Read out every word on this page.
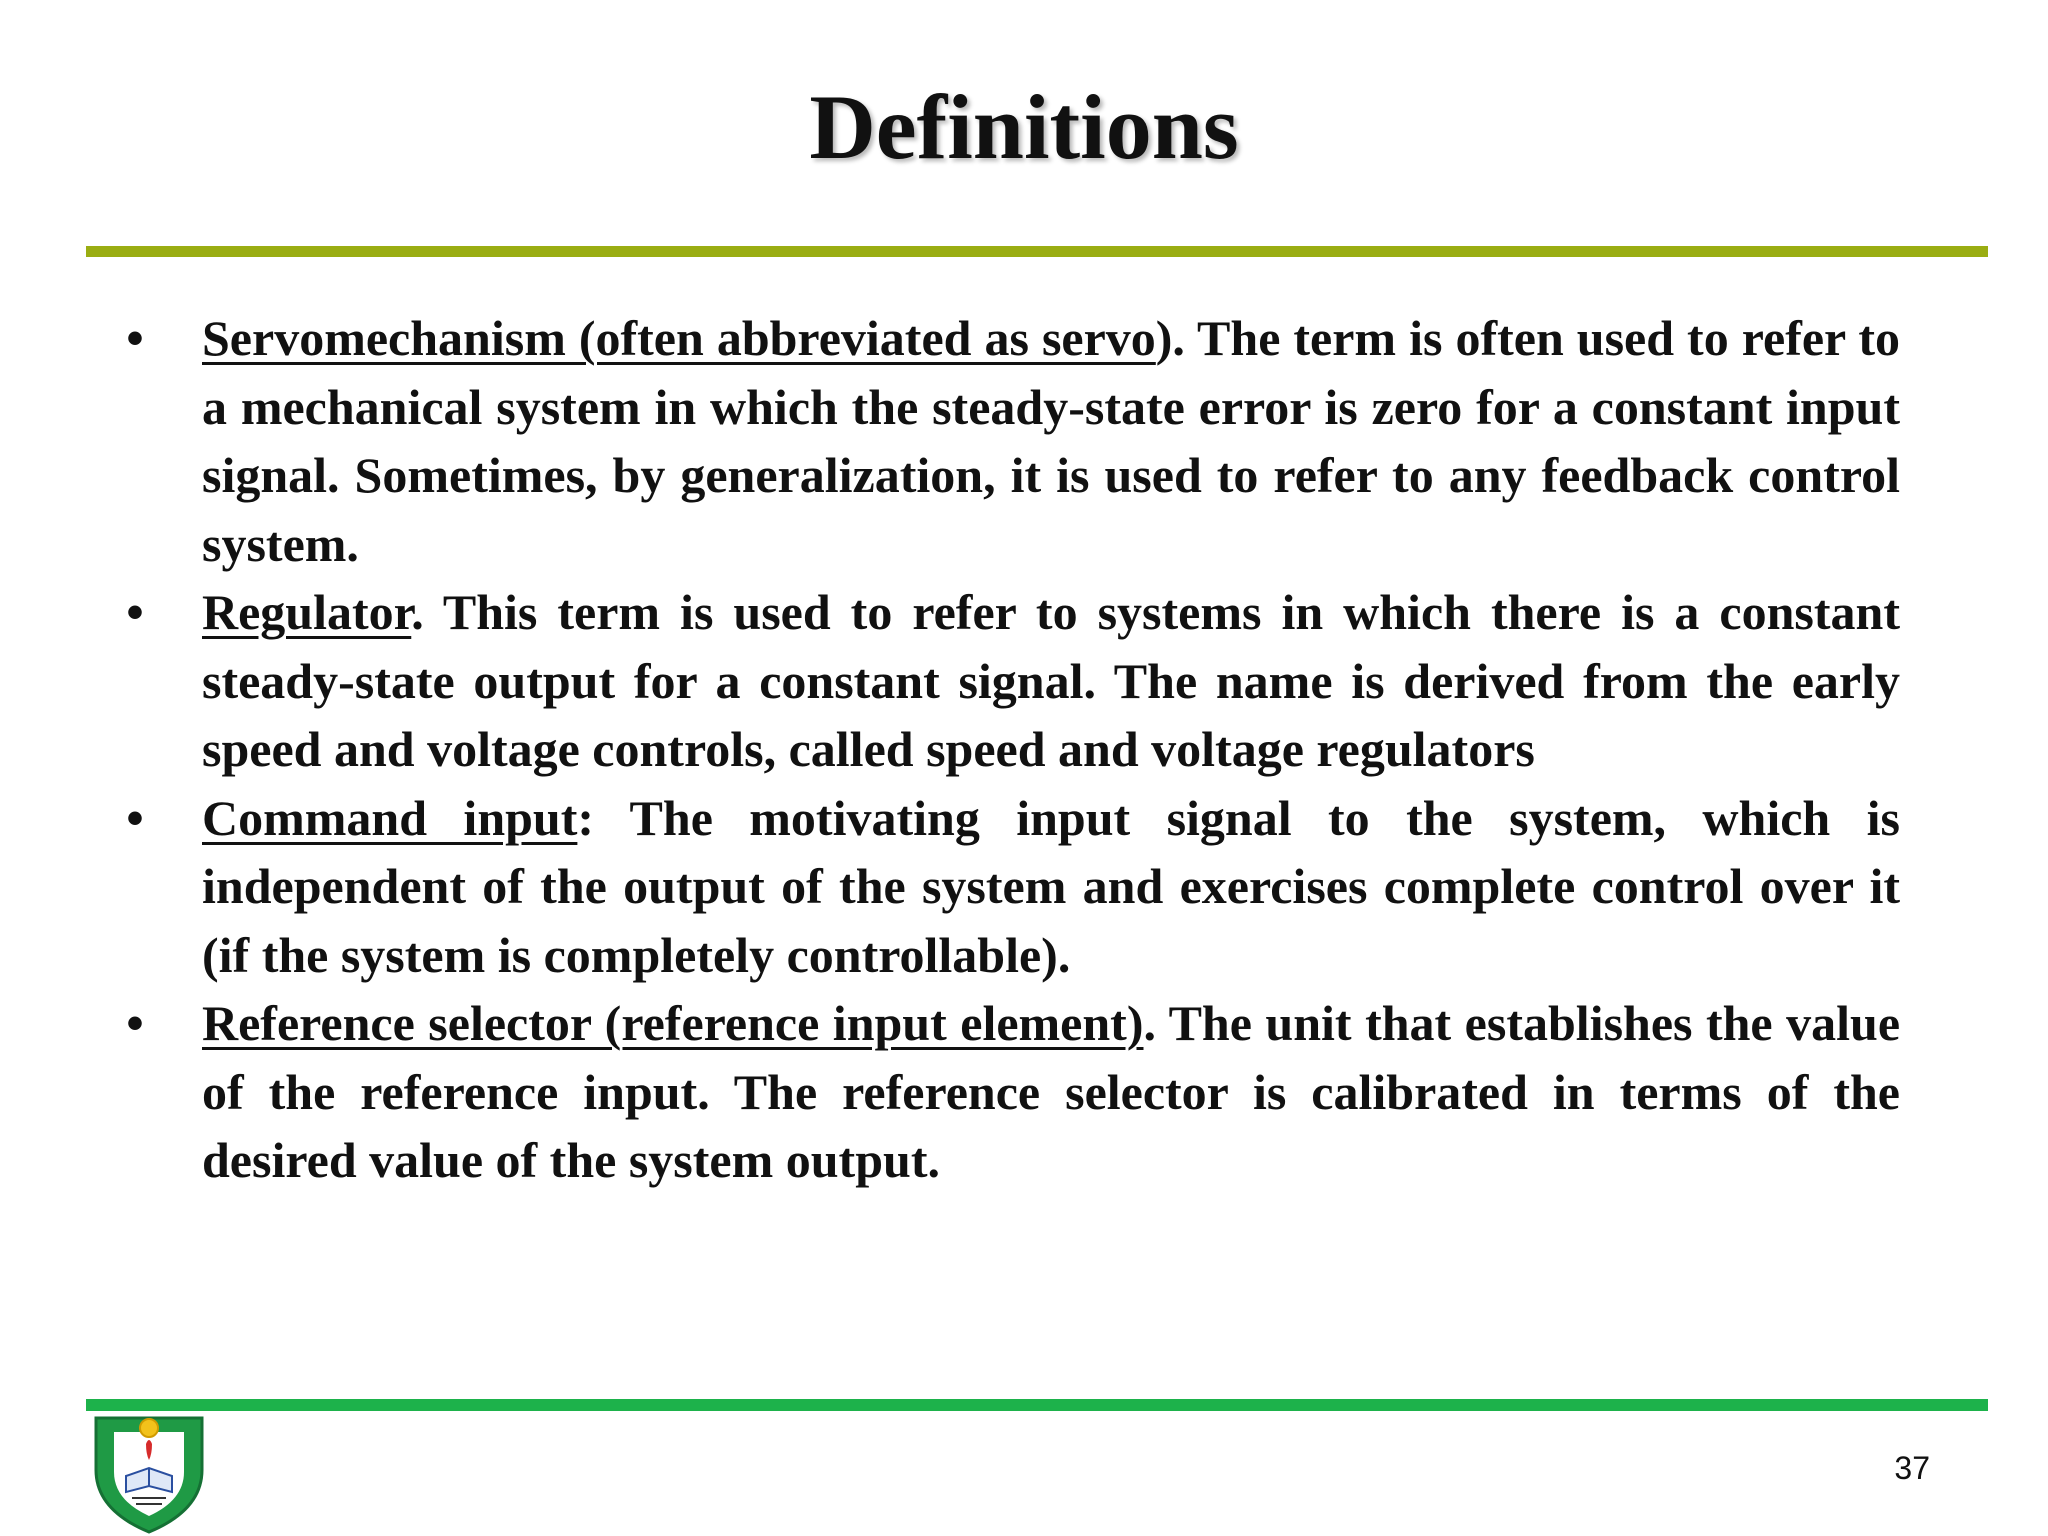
Definitions
• Servomechanism (often abbreviated as servo). The term is often used to refer to a mechanical system in which the steady-state error is zero for a constant input signal. Sometimes, by generalization, it is used to refer to any feedback control system.
• Regulator. This term is used to refer to systems in which there is a constant steady-state output for a constant signal. The name is derived from the early speed and voltage controls, called speed and voltage regulators
• Command input: The motivating input signal to the system, which is independent of the output of the system and exercises complete control over it (if the system is completely controllable).
• Reference selector (reference input element). The unit that establishes the value of the reference input. The reference selector is calibrated in terms of the desired value of the system output.
37
